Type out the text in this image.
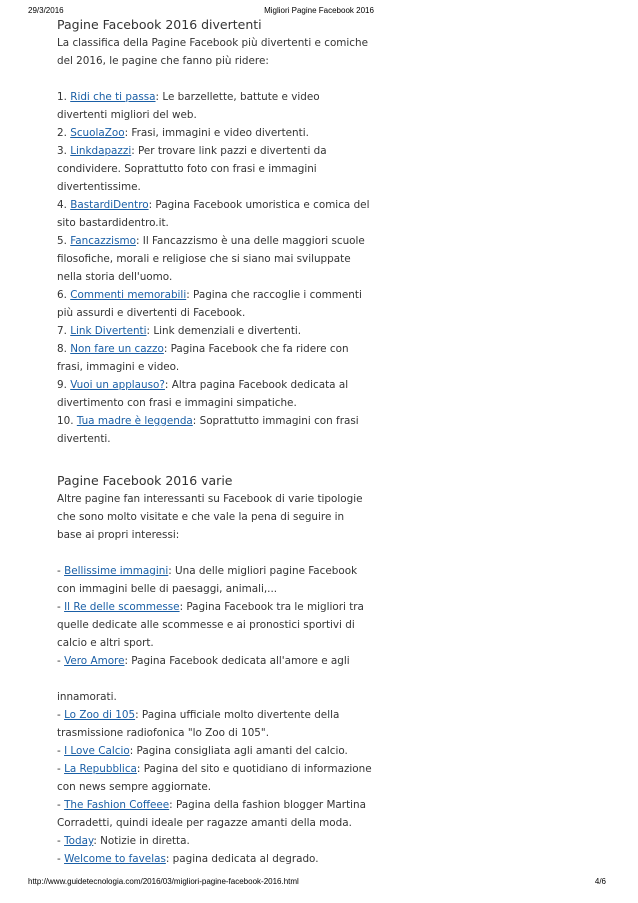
29/3/2016	Migliori Pagine Facebook 2016
Pagine Facebook 2016 divertenti

La classifica della Pagine Facebook più divertenti e comiche del 2016, le pagine che fanno più ridere:

1. Ridi che ti passa: Le barzellette, battute e video divertenti migliori del web.

2. ScuolaZoo: Frasi, immagini e video divertenti.

3. Linkdapazzi: Per trovare link pazzi e divertenti da condividere. Soprattutto foto con frasi e immagini divertentissime.

4. BastardiDentro: Pagina Facebook umoristica e comica del sito bastardidentro.it.

5. Fancazzismo: Il Fancazzismo è una delle maggiori scuole filosofiche, morali e religiose che si siano mai sviluppate nella storia dell'uomo.

6. Commenti memorabili: Pagina che raccoglie i commenti più assurdi e divertenti di Facebook.

7. Link Divertenti: Link demenziali e divertenti.

8. Non fare un cazzo: Pagina Facebook che fa ridere con frasi, immagini e video.

9. Vuoi un applauso?: Altra pagina Facebook dedicata al divertimento con frasi e immagini simpatiche.

10. Tua madre è leggenda: Soprattutto immagini con frasi divertenti.

Pagine Facebook 2016 varie

Altre pagine fan interessanti su Facebook di varie tipologie che sono molto visitate e che vale la pena di seguire in base ai propri interessi:

- Bellissime immagini: Una delle migliori pagine Facebook con immagini belle di paesaggi, animali,...

- Il Re delle scommesse: Pagina Facebook tra le migliori tra quelle dedicate alle scommesse e ai pronostici sportivi di calcio e altri sport.

- Vero Amore: Pagina Facebook dedicata all'amore e agli

innamorati.

- Lo Zoo di 105: Pagina ufficiale molto divertente della trasmissione radiofonica "lo Zoo di 105".

- I Love Calcio: Pagina consigliata agli amanti del calcio.

- La Repubblica: Pagina del sito e quotidiano di informazione con news sempre aggiornate.

- The Fashion Coffeee: Pagina della fashion blogger Martina Corradetti, quindi ideale per ragazze amanti della moda.

- Today: Notizie in diretta.

- Welcome to favelas: pagina dedicata al degrado.

http://www.guidetecnologia.com/2016/03/migliori-pagine-facebook-2016.html	4/6
